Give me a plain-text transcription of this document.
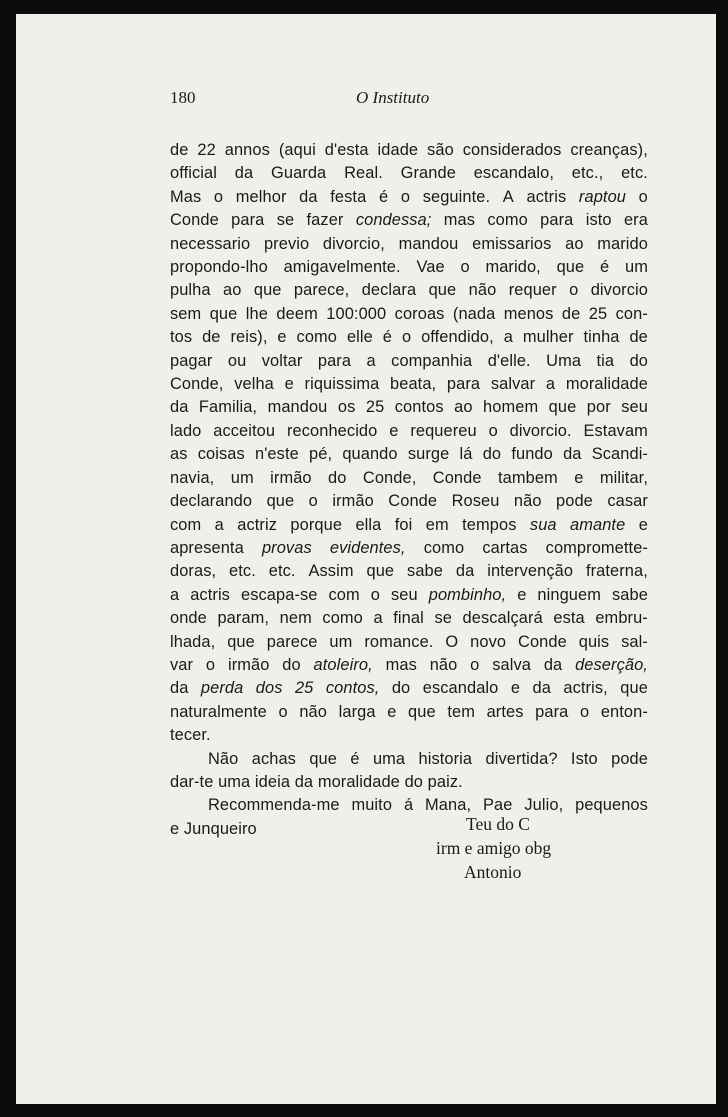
180	O Instituto
de 22 annos (aqui d'esta idade são considerados creanças),
official da Guarda Real. Grande escandalo, etc., etc.
Mas o melhor da festa é o seguinte. A actris raptou o
Conde para se fazer condessa; mas como para isto era
necessario previo divorcio, mandou emissarios ao marido
propondo-lho amigavelmente. Vae o marido, que é um
pulha ao que parece, declara que não requer o divorcio
sem que lhe deem 100:000 coroas (nada menos de 25 con-
tos de reis), e como elle é o offendido, a mulher tinha de
pagar ou voltar para a companhia d'elle. Uma tia do
Conde, velha e riquissima beata, para salvar a moralidade
da Familia, mandou os 25 contos ao homem que por seu
lado acceitou reconhecido e requereu o divorcio. Estavam
as coisas n'este pé, quando surge lá do fundo da Scandi-
navia, um irmão do Conde, Conde tambem e militar,
declarando que o irmão Conde Roseu não pode casar
com a actriz porque ella foi em tempos sua amante e
apresenta provas evidentes, como cartas compromette-
doras, etc. etc. Assim que sabe da intervenção fraterna,
a actris escapa-se com o seu pombinho, e ninguem sabe
onde param, nem como a final se descalçará esta embru-
lhada, que parece um romance. O novo Conde quis sal-
var o irmão do atoleiro, mas não o salva da deserção,
da perda dos 25 contos, do escandalo e da actris, que
naturalmente o não larga e que tem artes para o enton-
tecer.
Não achas que é uma historia divertida? Isto pode
dar-te uma ideia da moralidade do paiz.
Recommenda-me muito á Mana, Pae Julio, pequenos
e Junqueiro	Teu do C
irm e amigo obg
Antonio
